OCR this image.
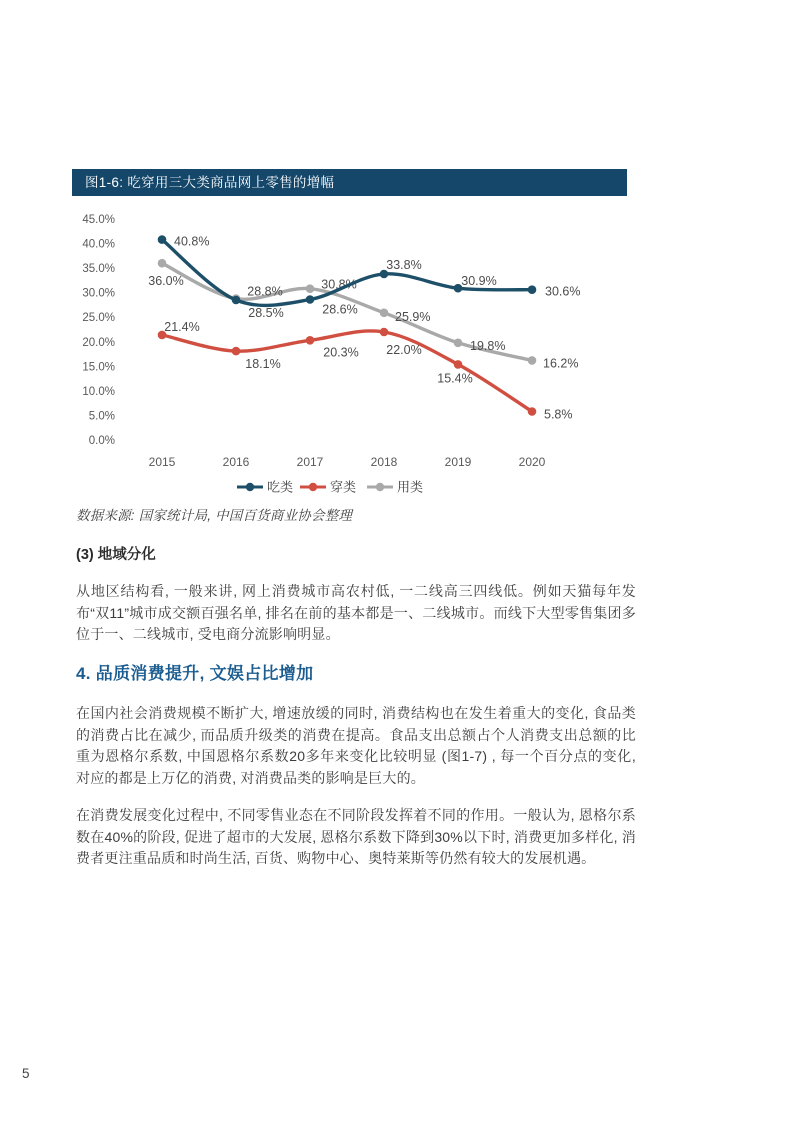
图1-6: 吃穿用三大类商品网上零售的增幅
45.0%
40.0%
35.0%
30.0%
25.0%
20.0%
15.0%
10.0%
5.0%
0.0%
2015	2016	2017	2018	2019	2020
21.4%
18.1%
20.3% 22.0%
15.4%
5.8%
36.0%
28.8%	30.8%
25.9%
19.8%
16.2%
40.8%
28.5%	28.6%
33.8%
30.9%
30.6%
吃类	穿类	用类
数据来源: 国家统计局, 中国百货商业协会整理
(3) 地域分化
从地区结构看, 一般来讲, 网上消费城市高农村低, 一二线高三四线低。例如天猫每年发布“双11”城市成交额百强名单, 排名在前的基本都是一、二线城市。而线下大型零售集团多位于一、二线城市, 受电商分流影响明显。
4. 品质消费提升, 文娱占比增加
在国内社会消费规模不断扩大, 增速放缓的同时, 消费结构也在发生着重大的变化, 食品类的消费占比在减少, 而品质升级类的消费在提高。食品支出总额占个人消费支出总额的比重为恩格尔系数, 中国恩格尔系数20多年来变化比较明显 (图1-7) , 每一个百分点的变化, 对应的都是上万亿的消费, 对消费品类的影响是巨大的。
在消费发展变化过程中, 不同零售业态在不同阶段发挥着不同的作用。一般认为, 恩格尔系数在40%的阶段, 促进了超市的大发展, 恩格尔系数下降到30%以下时, 消费更加多样化, 消费者更注重品质和时尚生活, 百货、购物中心、奥特莱斯等仍然有较大的发展机遇。
5
